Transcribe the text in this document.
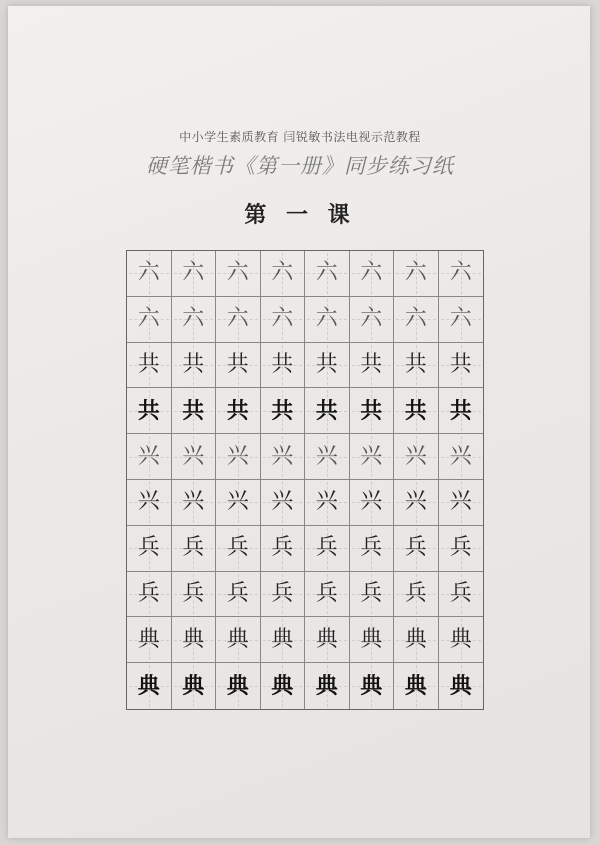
中小学生素质教育 闫锐敏书法电视示范教程
硬笔楷书《第一册》同步练习纸
第 一 课
六 六 六 六 六 六 六 六
六 六 六 六 六 六 六 六
共 共 共 共 共 共 共 共
共 共 共 共 共 共 共 共
兴 兴 兴 兴 兴 兴 兴 兴
兴 兴 兴 兴 兴 兴 兴 兴
兵 兵 兵 兵 兵 兵 兵 兵
兵 兵 兵 兵 兵 兵 兵 兵
典 典 典 典 典 典 典 典
典 典 典 典 典 典 典 典
